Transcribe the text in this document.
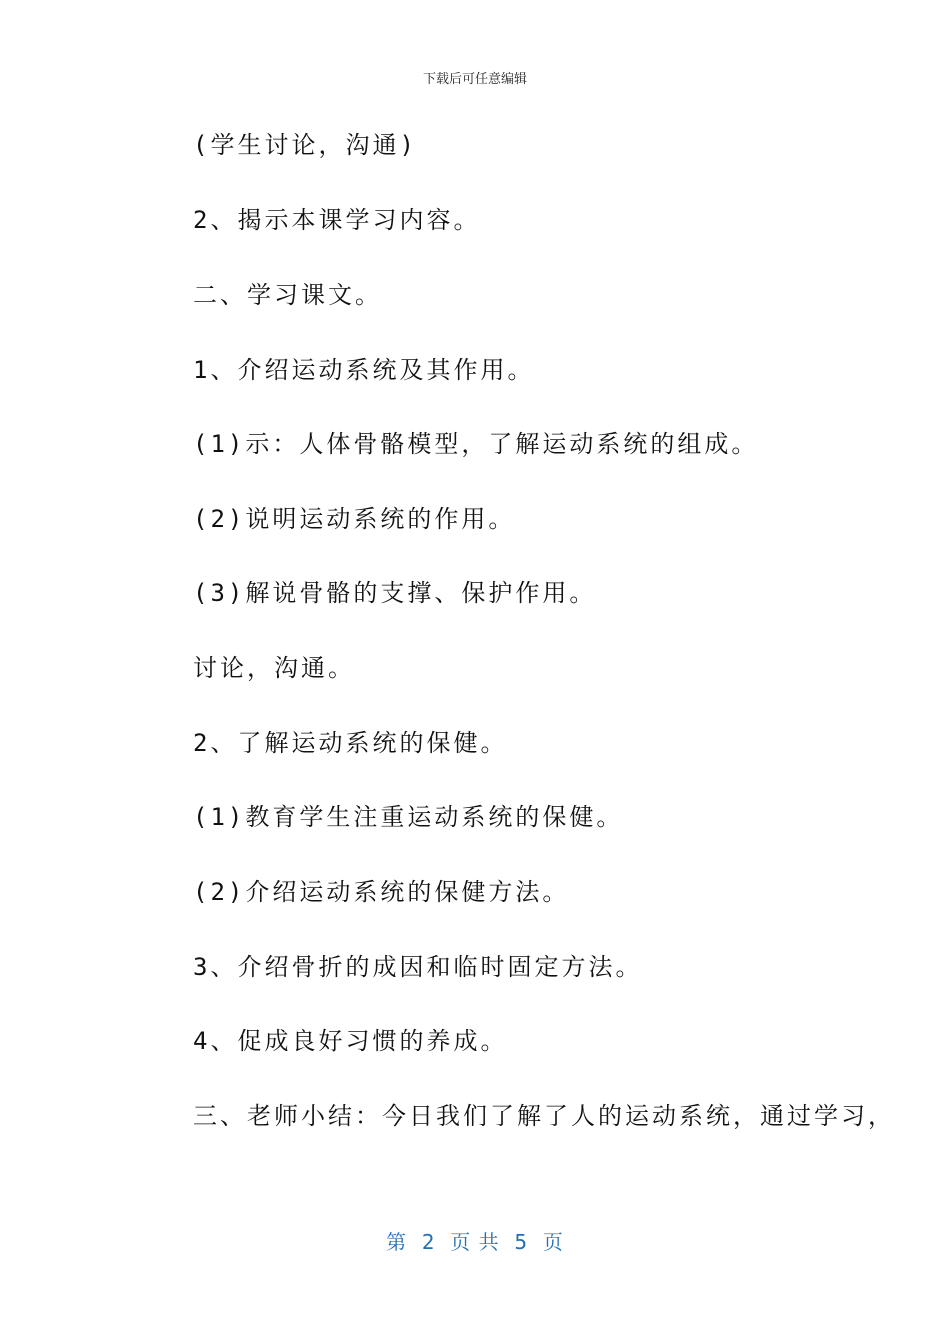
下载后可任意编辑
(学生讨论，沟通)
2、揭示本课学习内容。
二、学习课文。
1、介绍运动系统及其作用。
(1)示：人体骨骼模型，了解运动系统的组成。
(2)说明运动系统的作用。
(3)解说骨骼的支撑、保护作用。
讨论，沟通。
2、了解运动系统的保健。
(1)教育学生注重运动系统的保健。
(2)介绍运动系统的保健方法。
3、介绍骨折的成因和临时固定方法。
4、促成良好习惯的养成。
三、老师小结：今日我们了解了人的运动系统，通过学习，
第  2  页 共  5  页
